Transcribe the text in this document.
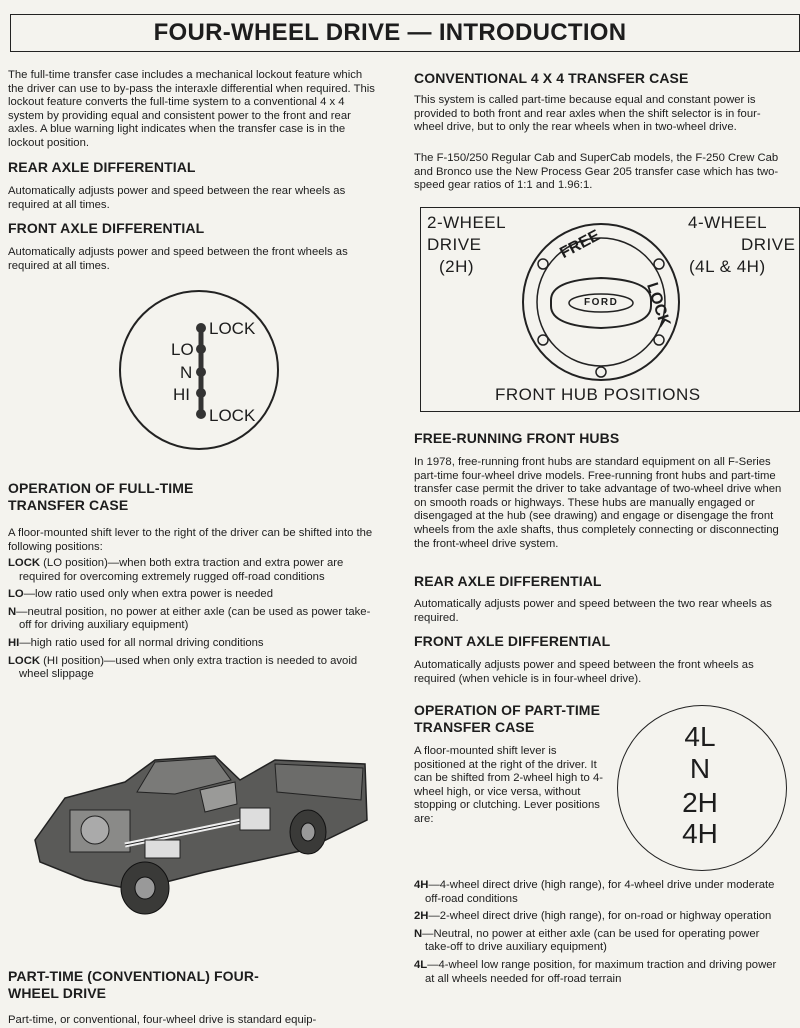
FOUR-WHEEL DRIVE — INTRODUCTION

The full-time transfer case includes a mechanical lockout feature which the driver can use to by-pass the interaxle differential when required. This lockout feature converts the full-time system to a conventional 4 x 4 system by providing equal and consistent power to the front and rear axles. A blue warning light indicates when the transfer case is in the lockout position.

REAR AXLE DIFFERENTIAL

Automatically adjusts power and speed between the rear wheels as required at all times.

FRONT AXLE DIFFERENTIAL

Automatically adjusts power and speed between the front wheels as required at all times.

LOCK
LO
N
HI
LOCK
OPERATION OF FULL-TIME TRANSFER CASE

A floor-mounted shift lever to the right of the driver can be shifted into the following positions:

LOCK (LO position)—when both extra traction and extra power are required for overcoming extremely rugged off-road conditions

LO—low ratio used only when extra power is needed

N—neutral position, no power at either axle (can be used as power take-off for driving auxiliary equipment)

HI—high ratio used for all normal driving conditions

LOCK (HI position)—used when only extra traction is needed to avoid wheel slippage

PART-TIME (CONVENTIONAL) FOUR-WHEEL DRIVE

Part-time, or conventional, four-wheel drive is standard equip-

CONVENTIONAL 4 X 4 TRANSFER CASE

This system is called part-time because equal and constant power is provided to both front and rear axles when the shift selector is in four-wheel drive, but to only the rear wheels when in two-wheel drive.

The F-150/250 Regular Cab and SuperCab models, the F-250 Crew Cab and Bronco use the New Process Gear 205 transfer case which has two-speed gear ratios of 1:1 and 1.96:1.

2-WHEEL
DRIVE
(2H)
4-WHEEL
DRIVE
(4L & 4H)
FREE
LOCK
FORD
FRONT HUB POSITIONS
FREE-RUNNING FRONT HUBS

In 1978, free-running front hubs are standard equipment on all F-Series part-time four-wheel drive models. Free-running front hubs and part-time transfer case permit the driver to take advantage of two-wheel drive when on smooth roads or highways. These hubs are manually engaged or disengaged at the hub (see drawing) and engage or disengage the front wheels from the axle shafts, thus completely connecting or disconnecting the front-wheel drive system.

REAR AXLE DIFFERENTIAL

Automatically adjusts power and speed between the two rear wheels as required.

FRONT AXLE DIFFERENTIAL

Automatically adjusts power and speed between the front wheels as required (when vehicle is in four-wheel drive).

OPERATION OF PART-TIME TRANSFER CASE

A floor-mounted shift lever is positioned at the right of the driver. It can be shifted from 2-wheel high to 4-wheel high, or vice versa, without stopping or clutching. Lever positions are:

4L
N
2H
4H

4H—4-wheel direct drive (high range), for 4-wheel drive under moderate off-road conditions

2H—2-wheel direct drive (high range), for on-road or highway operation

N—Neutral, no power at either axle (can be used for operating power take-off to drive auxiliary equipment)

4L—4-wheel low range position, for maximum traction and driving power at all wheels needed for off-road terrain
